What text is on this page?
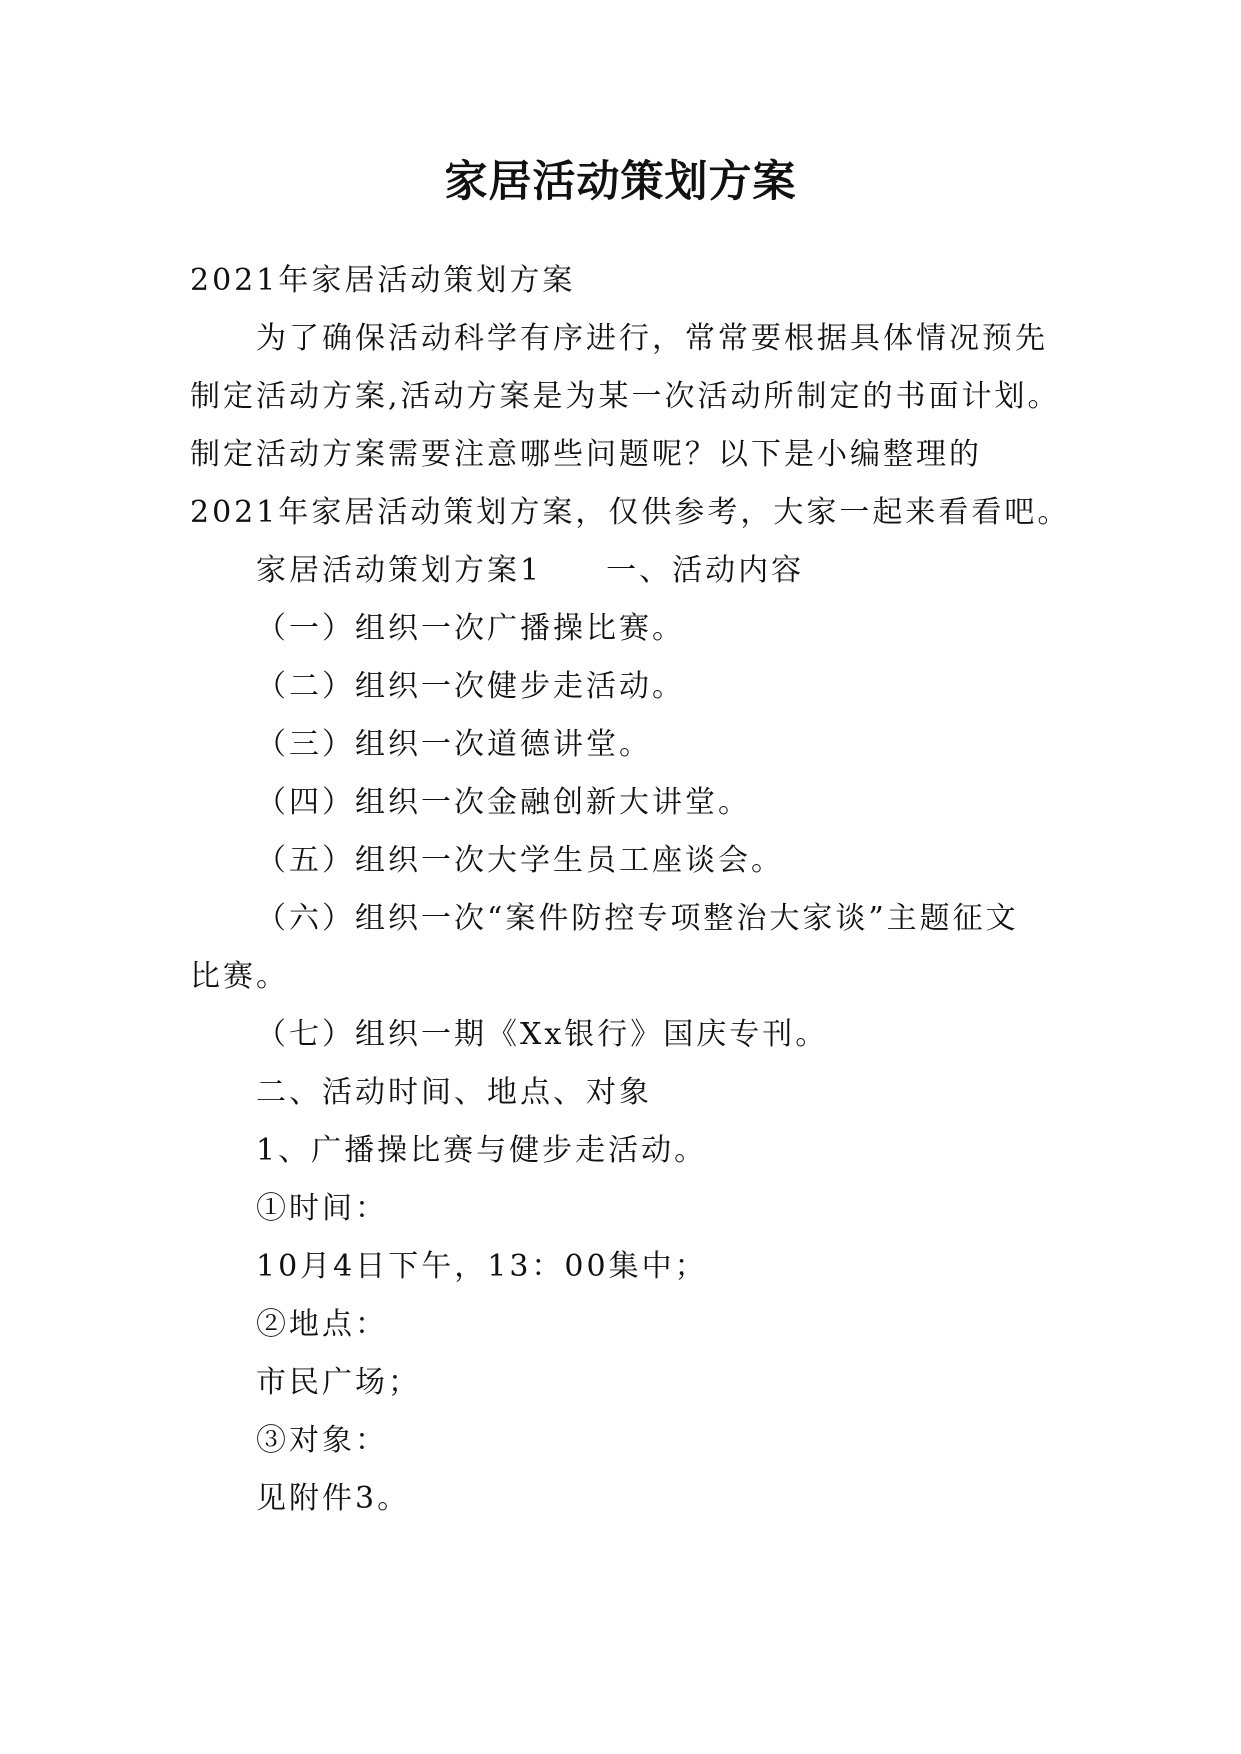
家居活动策划方案

2021年家居活动策划方案

为了确保活动科学有序进行，常常要根据具体情况预先

制定活动方案,活动方案是为某一次活动所制定的书面计划。

制定活动方案需要注意哪些问题呢？以下是小编整理的

2021年家居活动策划方案，仅供参考，大家一起来看看吧。

家居活动策划方案1 一、活动内容

（一）组织一次广播操比赛。

（二）组织一次健步走活动。

（三）组织一次道德讲堂。

（四）组织一次金融创新大讲堂。

（五）组织一次大学生员工座谈会。

（六）组织一次“案件防控专项整治大家谈”主题征文

比赛。

（七）组织一期《Xx银行》国庆专刊。

二、活动时间、地点、对象

1、广播操比赛与健步走活动。

①时间：

10月4日下午，13：00集中；

②地点：

市民广场；

③对象：

见附件3。
